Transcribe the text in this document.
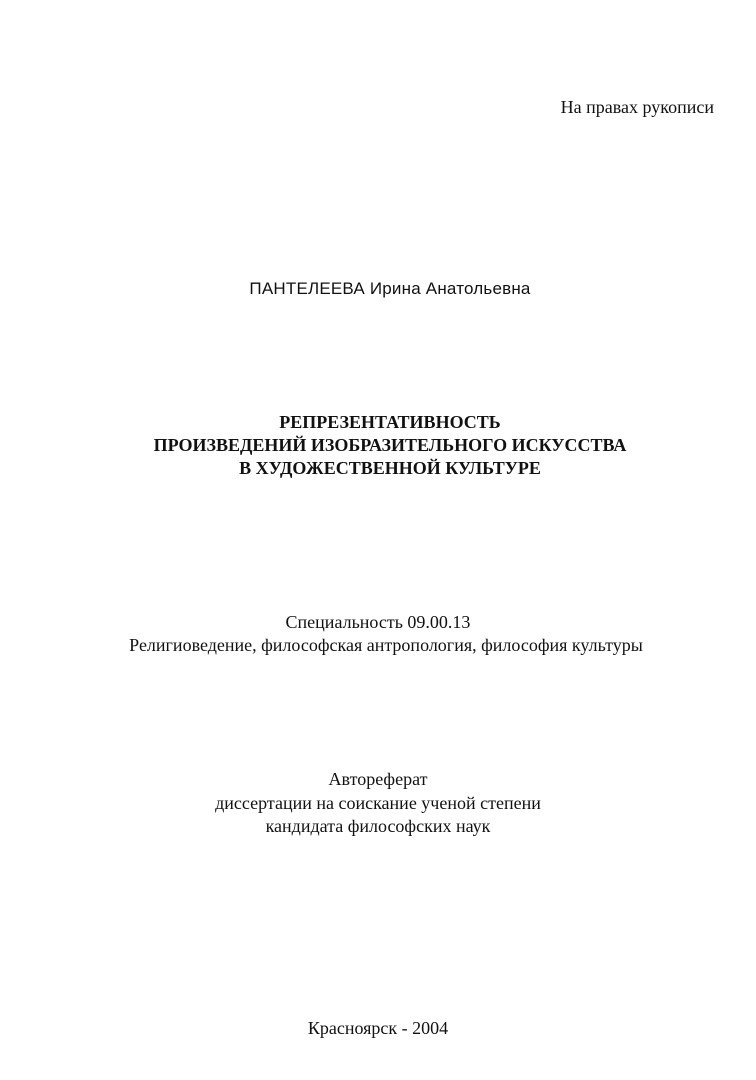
На правах рукописи
ПАНТЕЛЕЕВА Ирина Анатольевна
РЕПРЕЗЕНТАТИВНОСТЬ
ПРОИЗВЕДЕНИЙ ИЗОБРАЗИТЕЛЬНОГО ИСКУССТВА
В ХУДОЖЕСТВЕННОЙ КУЛЬТУРЕ
Специальность 09.00.13
Религиоведение, философская антропология, философия культуры
Автореферат
диссертации на соискание ученой степени
кандидата философских наук
Красноярск - 2004
